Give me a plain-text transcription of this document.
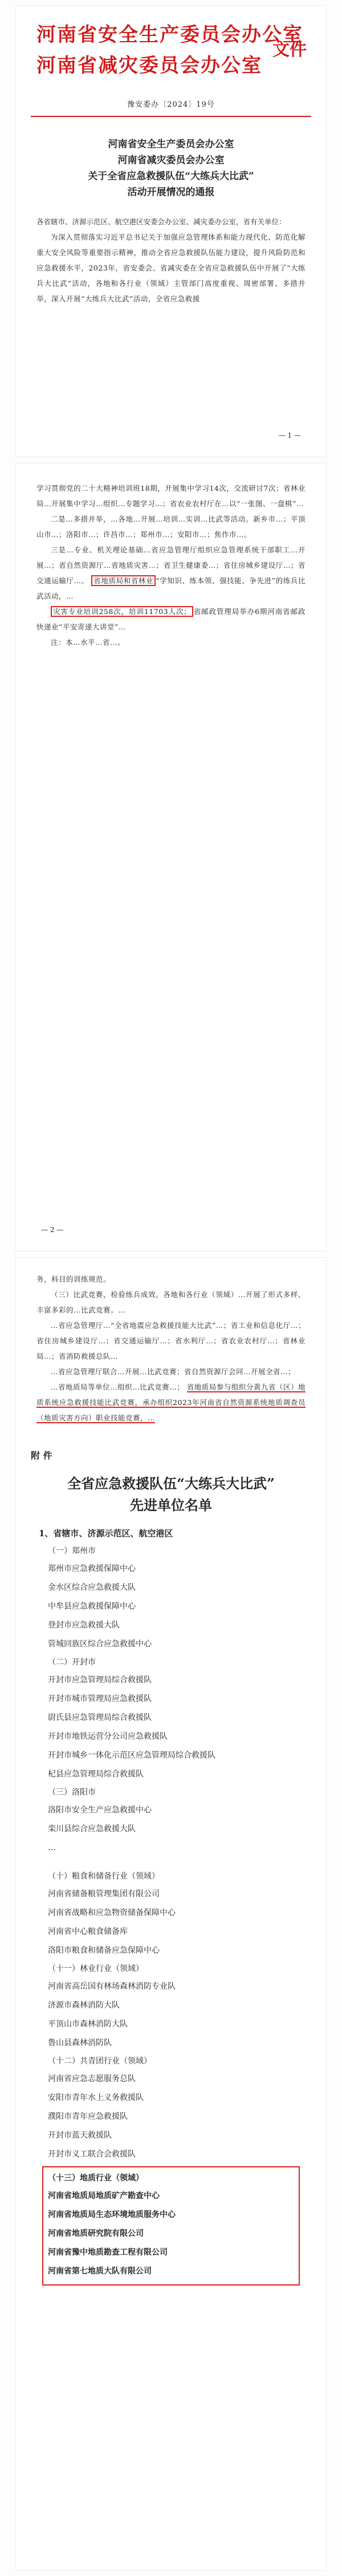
河南省安全生产委员会办公室
河南省减灾委员会办公室
文件
豫安委办〔2024〕19号
河南省安全生产委员会办公室
河南省减灾委员会办公室
关于全省应急救援队伍“大练兵大比武”
活动开展情况的通报
各省辖市、济源示范区、航空港区安委会办公室、减灾委办公室，省有关单位：
为深入贯彻落实习近平总书记关于加强应急管理体系和能力现代化、防范化解重大安全风险等重要指示精神，推动全省应急救援队伍能力建设，提升风险防范和应急救援水平，2023年，省安委会、省减灾委在全省应急救援队伍中开展了“大练兵大比武”活动，各地和各行业（领域）主管部门高度重视、周密部署、多措并举，深入开展“大练兵大比武”活动，全省应急救援
— 1 —
学习贯彻党的二十大精神培训班18期，开展集中学习14次，交流研讨7次；省林业局…开展集中学习…组织…专题学习…；省农业农村厅在…以“一张图、一盘棋”…
二是…多措并举，…各地…开展…培训…实训…比武等活动。新乡市…；平顶山市…；洛阳市…；许昌市…；郑州市…；安阳市…；焦作市…。
三是…专业、机关理论基础…省应急管理厅组织应急管理系统干部职工…开展…；省自然资源厅…省地质灾害…；省卫生健康委…；省住房城乡建设厅…；省交通运输厅…。 省地质局和省林业 “学知识、练本领、强技能、争先进”的练兵比武活动，…
灾害专业培训258次，培训11703人次； 省邮政管理局举办6期河南省邮政快递业“平安寄递大讲堂”…
注：本…水平…省…。
— 2 —
务，科目的训练规范。
（三）比武竞赛，检验练兵成效。各地和各行业（领域）…开展了形式多样、丰富多彩的…比武竞赛。…
…省应急管理厅…“全省地震应急救援技能大比武”…；省工业和信息化厅…；省住房城乡建设厅…；省交通运输厅…；省水利厅…；省农业农村厅…；省林业局…；省消防救援总队…
…省应急管理厅联合…开展…比武竞赛；省自然资源厅会同…开展全省…；
…省地质局等单位…组织…比武竞赛…； 省地质局参与组织分黄九省（区）地质系统应急救援技能比武竞赛，承办组织2023年河南省自然资源系统地质调查员（地质灾害方向）职业技能竞赛，…
附 件
全省应急救援队伍“大练兵大比武”
先进单位名单
1、省辖市、济源示范区、航空港区
（一）郑州市
郑州市应急救援保障中心
金水区综合应急救援大队
中牟县应急救援保障中心
登封市应急救援大队
管城回族区综合应急救援中心
（二）开封市
开封市应急管理局综合救援队
开封市城市管理局应急救援队
尉氏县应急管理局综合救援队
开封市地铁运营分公司应急救援队
开封市城乡一体化示范区应急管理局综合救援队
杞县应急管理局综合救援队
（三）洛阳市
洛阳市安全生产应急救援中心
栾川县综合应急救援大队
…
（十）粮食和储备行业（领域）
河南省储备粮管理集团有限公司
河南省战略和应急物资储备保障中心
河南省中心粮食储备库
洛阳市粮食和储备应急保障中心
（十一）林业行业（领域）
河南省高岳国有林场森林消防专业队
济源市森林消防大队
平顶山市森林消防大队
鲁山县森林消防队
（十二）共青团行业（领域）
河南省应急志愿服务总队
安阳市青年水上义务救援队
濮阳市青年应急救援队
开封市蓝天救援队
开封市义工联合会救援队
（十三）地质行业（领域）
河南省地质局地质矿产勘查中心
河南省地质局生态环境地质服务中心
河南省地质研究院有限公司
河南省豫中地质勘查工程有限公司
河南省第七地质大队有限公司
